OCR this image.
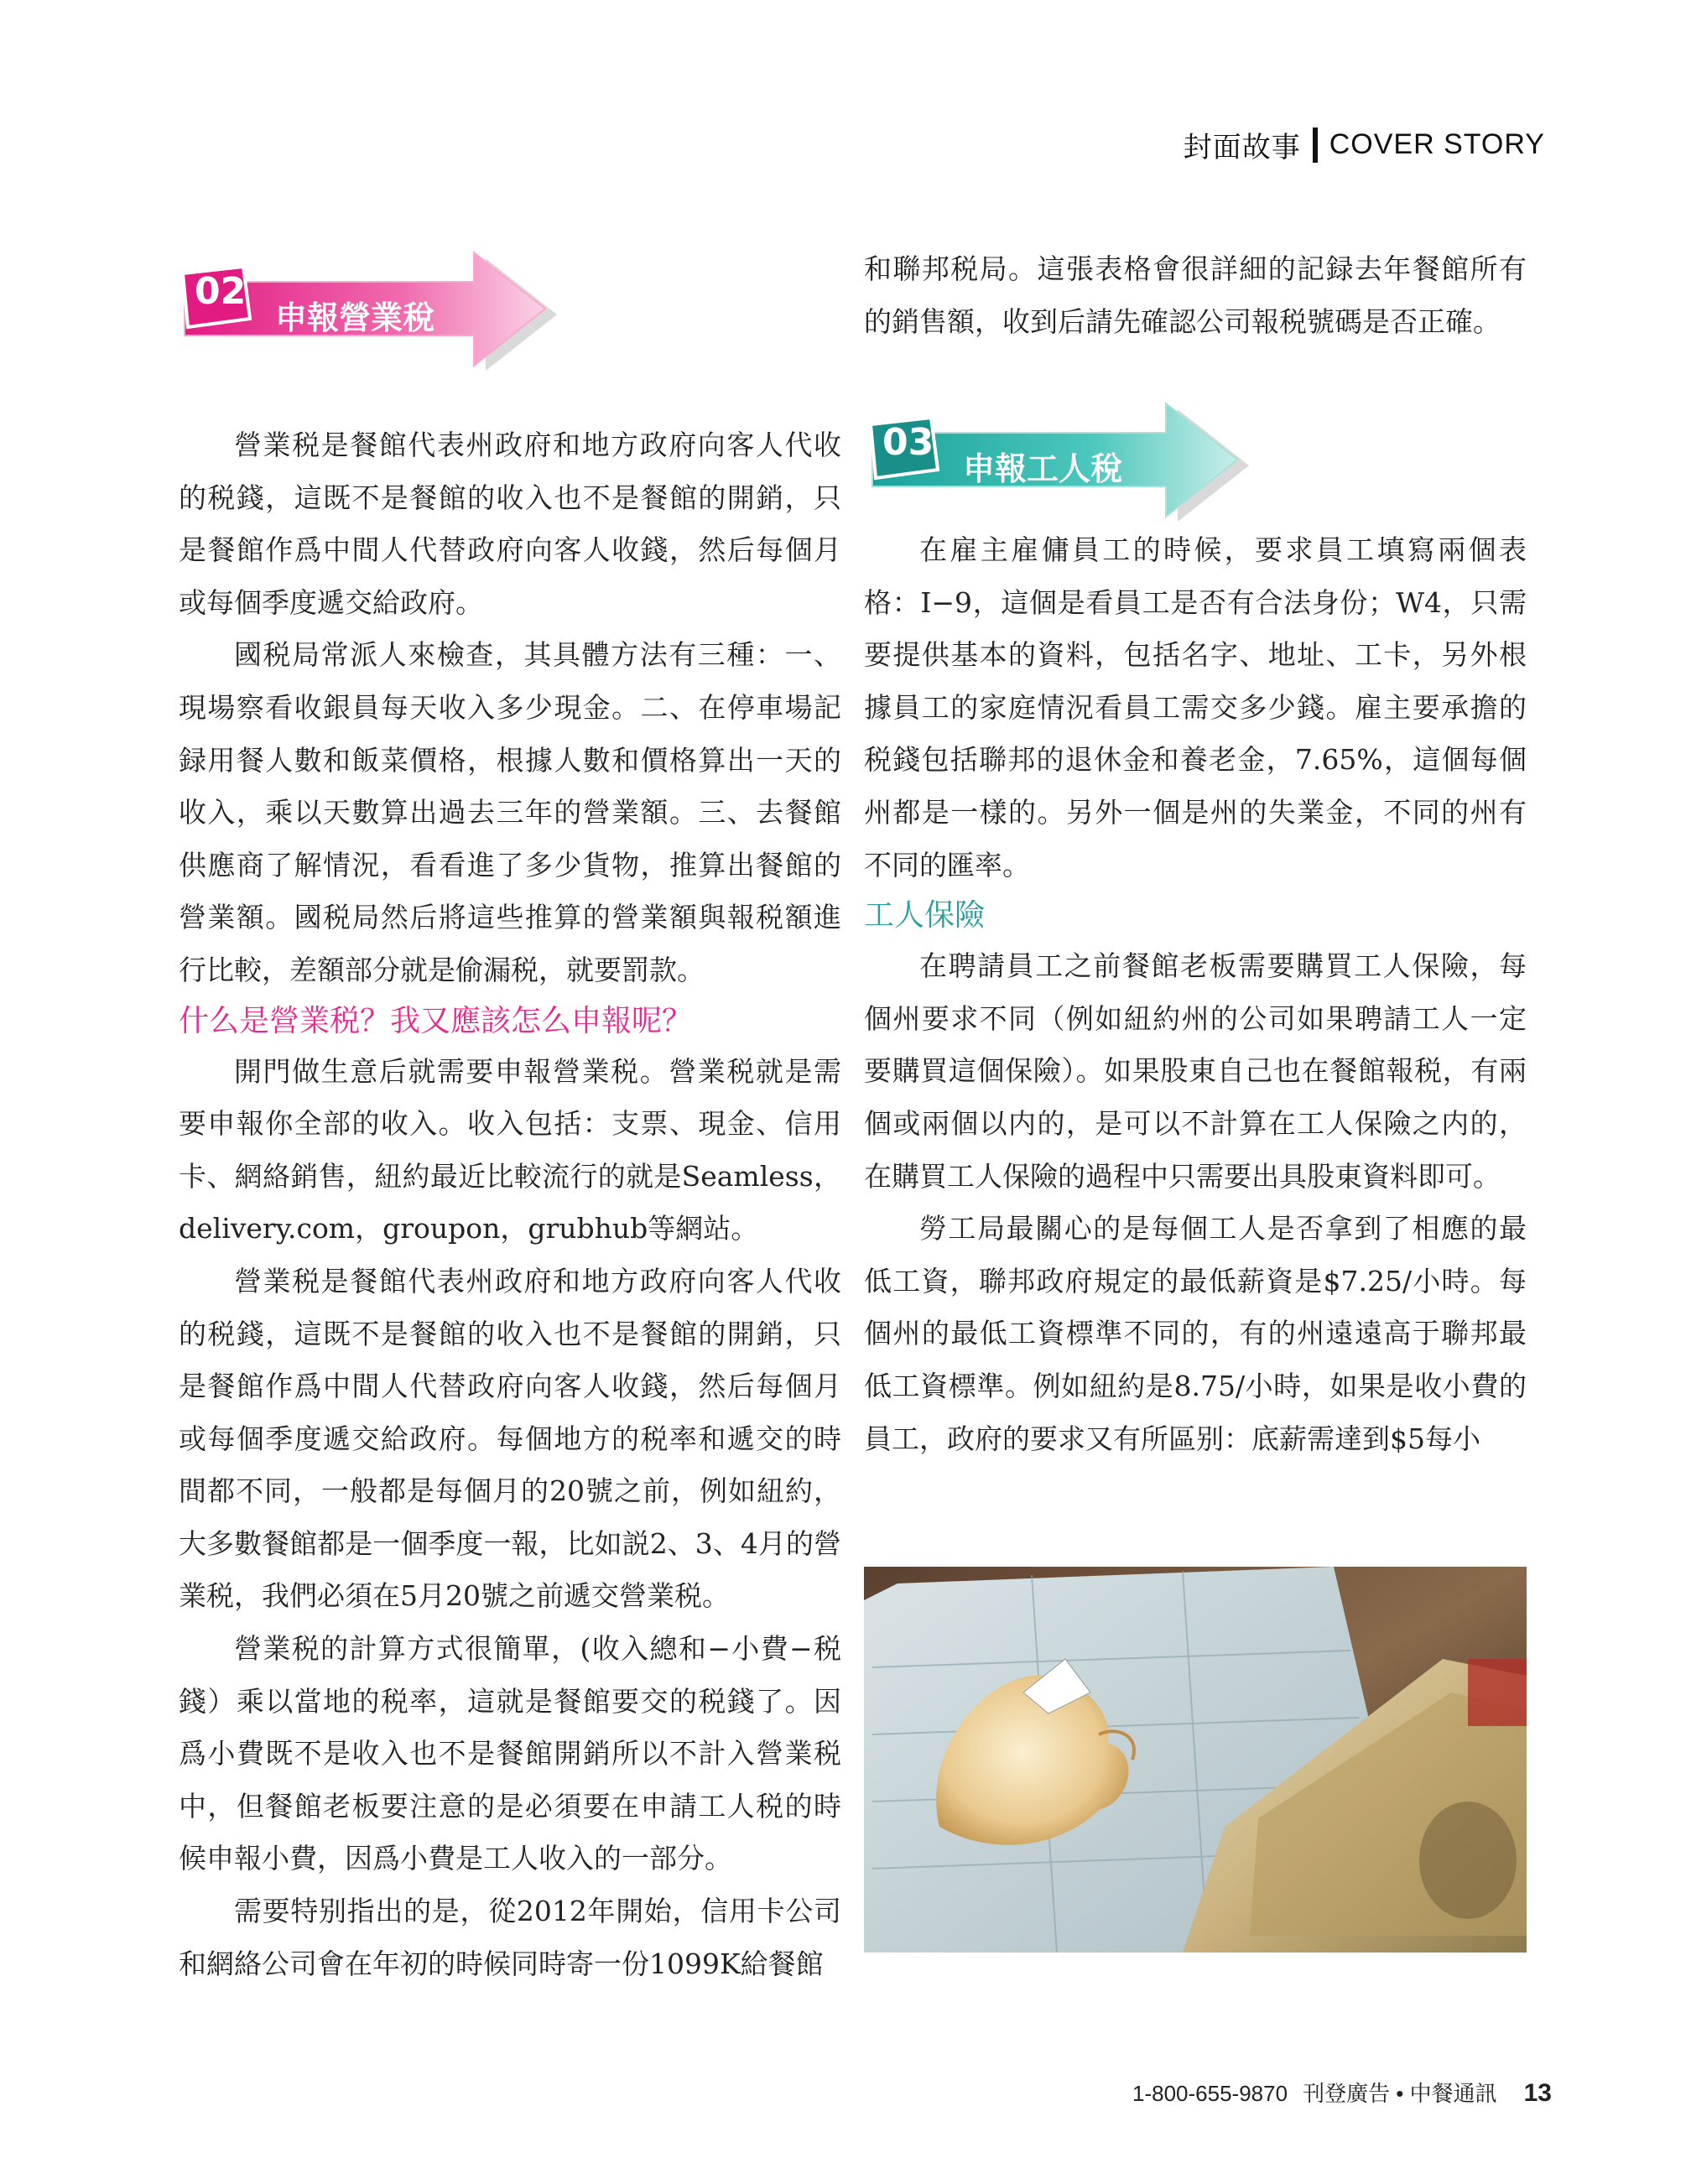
封面故事 COVER STORY
02
申報營業稅

營業税是餐館代表州政府和地方政府向客人代收的税錢，這既不是餐館的收入也不是餐館的開銷，只是餐館作爲中間人代替政府向客人收錢，然后每個月或每個季度遞交給政府。

國税局常派人來檢查，其具體方法有三種：一、現場察看收銀員每天收入多少現金。二、在停車場記録用餐人數和飯菜價格，根據人數和價格算出一天的收入，乘以天數算出過去三年的營業額。三、去餐館供應商了解情況，看看進了多少貨物，推算出餐館的營業額。國税局然后將這些推算的營業額與報税額進行比較，差額部分就是偷漏税，就要罰款。

什么是營業税？我又應該怎么申報呢？

開門做生意后就需要申報營業税。營業税就是需要申報你全部的收入。收入包括：支票、現金、信用卡、網絡銷售，紐約最近比較流行的就是Seamless，delivery.com，groupon，grubhub等網站。

營業税是餐館代表州政府和地方政府向客人代收的税錢，這既不是餐館的收入也不是餐館的開銷，只是餐館作爲中間人代替政府向客人收錢，然后每個月或每個季度遞交給政府。每個地方的税率和遞交的時間都不同，一般都是每個月的20號之前，例如紐約，大多數餐館都是一個季度一報，比如説2、3、4月的營業税，我們必須在5月20號之前遞交營業税。

營業税的計算方式很簡單，(收入總和−小費−税錢）乘以當地的税率，這就是餐館要交的税錢了。因爲小費既不是收入也不是餐館開銷所以不計入營業税中，但餐館老板要注意的是必須要在申請工人税的時候申報小費，因爲小費是工人收入的一部分。

需要特别指出的是，從2012年開始，信用卡公司和網絡公司會在年初的時候同時寄一份1099K給餐館

和聯邦税局。這張表格會很詳細的記録去年餐館所有的銷售額，收到后請先確認公司報税號碼是否正確。

03
申報工人稅

在雇主雇傭員工的時候，要求員工填寫兩個表格：I−9，這個是看員工是否有合法身份；W4，只需要提供基本的資料，包括名字、地址、工卡，另外根據員工的家庭情況看員工需交多少錢。雇主要承擔的税錢包括聯邦的退休金和養老金，7.65%，這個每個州都是一樣的。另外一個是州的失業金，不同的州有不同的匯率。

工人保險

在聘請員工之前餐館老板需要購買工人保險，每個州要求不同（例如紐約州的公司如果聘請工人一定要購買這個保險）。如果股東自己也在餐館報税，有兩個或兩個以内的，是可以不計算在工人保險之内的，在購買工人保險的過程中只需要出具股東資料即可。

勞工局最關心的是每個工人是否拿到了相應的最低工資，聯邦政府規定的最低薪資是$7.25/小時。每個州的最低工資標準不同的，有的州遠遠高于聯邦最低工資標準。例如紐約是8.75/小時，如果是收小費的員工，政府的要求又有所區别：底薪需達到$5每小

1-800-655-9870 刊登廣告 • 中餐通訊 13
